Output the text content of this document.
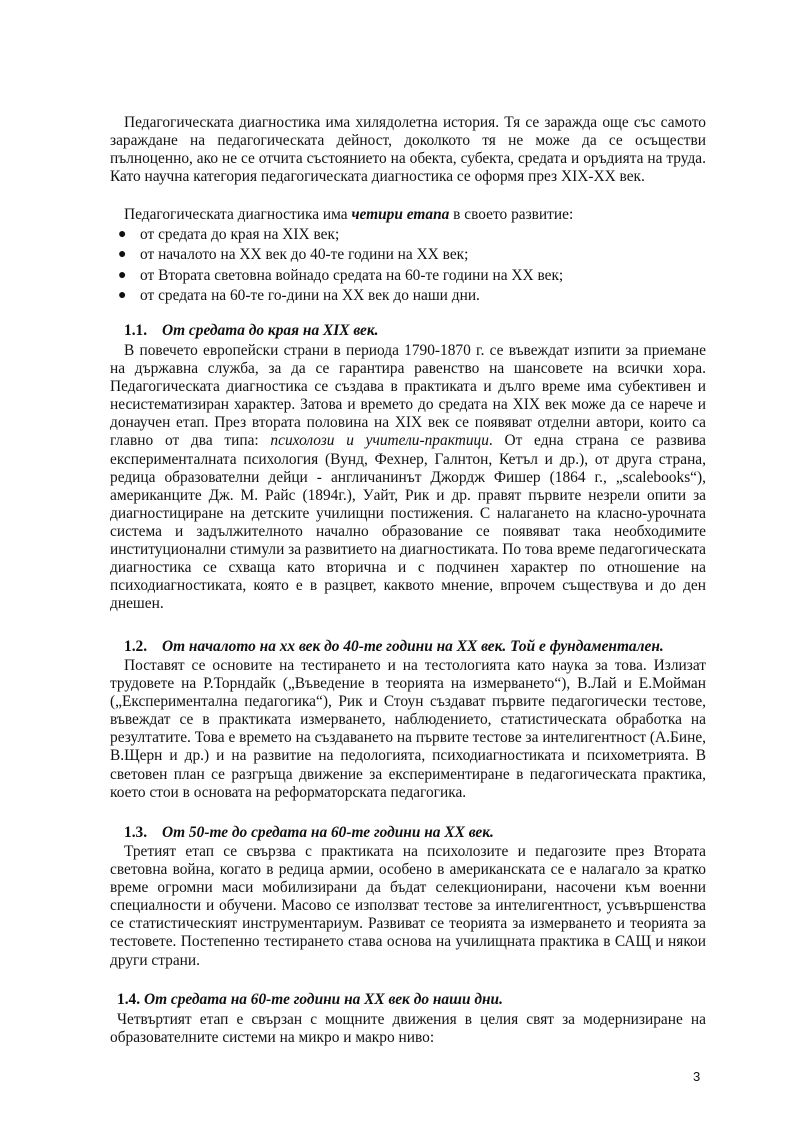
Педагогическата диагностика има хилядолетна история. Тя се заражда още със самото зараждане на педагогическата дейност, доколкото тя не може да се осъществи пълноценно, ако не се отчита състоянието на обекта, субекта, средата и оръдията на труда. Като научна категория педагогическата диагностика се оформя през XIX-XX век.

Педагогическата диагностика има четири етапа в своето развитие:

● от средата до края на XIX век;
● от началото на XX век до 40-те години на XX век;
● от Втората световна войнадо средата на 60-те години на XX век;
● от средата на 60-те го-дини на XX век до наши дни.
1.1. От средата до края на XIX век.

В повечето европейски страни в периода 1790-1870 г. се въвеждат изпити за приемане на държавна служба, за да се гарантира равенство на шансовете на всички хора. Педагогическата диагностика се създава в практиката и дълго време има субективен и несистематизиран характер. Затова и времето до средата на XIX век може да се нарече и донаучен етап. През втората половина на XIX век се появяват отделни автори, които са главно от два типа: психолози и учители-практици. От една страна се развива експерименталната психология (Вунд, Фехнер, Галнтон, Кетъл и др.), от друга страна, редица образователни дейци - англичанинът Джордж Фишер (1864 г., „scalebooks“), американците Дж. М. Райс (1894г.), Уайт, Рик и др. правят първите незрели опити за диагностициране на детските училищни постижения. С налагането на класно-урочната система и задължителното начално образование се появяват така необходимите институционални стимули за развитието на диагностиката. По това време педагогическата диагностика се схваща като вторична и с подчинен характер по отношение на психодиагностиката, която е в разцвет, каквото мнение, впрочем съществува и до ден днешен.

1.2. От началото на xx век до 40-те години на XX век. Той е фундаментален.

Поставят се основите на тестирането и на тестологията като наука за това. Излизат трудовете на Р.Торндайк („Въведение в теорията на измерването“), В.Лай и Е.Мойман („Експериментална педагогика“), Рик и Стоун създават първите педагогически тестове, въвеждат се в практиката измерването, наблюдението, статистическата обработка на резултатите. Това е времето на създаването на първите тестове за интелигентност (А.Бине, В.Щерн и др.) и на развитие на педологията, психодиагностиката и психометрията. В световен план се разгръща движение за експериментиране в педагогическата практика, което стои в основата на реформаторската педагогика.

1.3. От 50-те до средата на 60-те години на XX век.

Третият етап се свързва с практиката на психолозите и педагозите през Втората световна война, когато в редица армии, особено в американската се е налагало за кратко време огромни маси мобилизирани да бъдат селекционирани, насочени към военни специалности и обучени. Масово се използват тестове за интелигентност, усъвършенства се статистическият инструментариум. Развиват се теорията за измерването и теорията за тестовете. Постепенно тестирането става основа на училищната практика в САЩ и някои други страни.

1.4. От средата на 60-те години на XX век до наши дни.

Четвъртият етап е свързан с мощните движения в целия свят за модернизиране на образователните системи на микро и макро ниво:

3
